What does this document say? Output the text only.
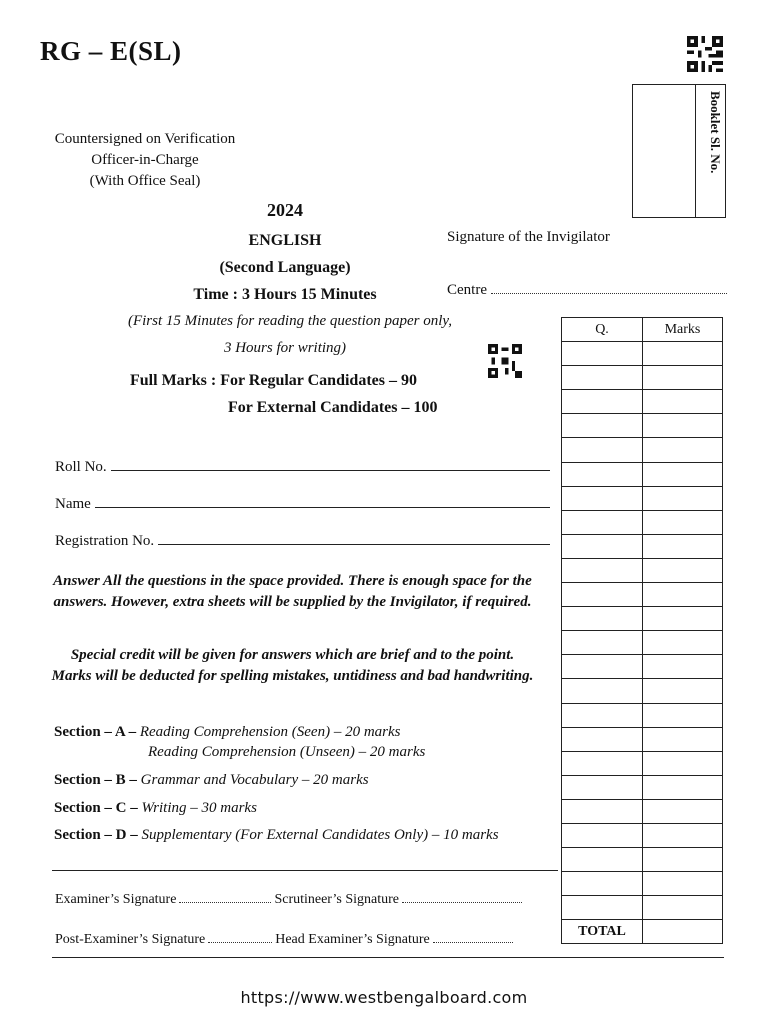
RG – E(SL)
Booklet Sl. No.
Countersigned on Verification
Officer-in-Charge
(With Office Seal)
2024
ENGLISH
(Second Language)
Time : 3 Hours 15 Minutes
(First 15 Minutes for reading the question paper only,
3 Hours for writing)
Full Marks : For Regular Candidates – 90
For External Candidates – 100
Signature of the Invigilator
Centre
Roll No.
Name
Registration No.
Answer All the questions in the space provided. There is enough space for the answers. However, extra sheets will be supplied by the Invigilator, if required.
Special credit will be given for answers which are brief and to the point. Marks will be deducted for spelling mistakes, untidiness and bad handwriting.
Section – A – Reading Comprehension (Seen) – 20 marks
Reading Comprehension (Unseen) – 20 marks
Section – B – Grammar and Vocabulary – 20 marks
Section – C – Writing – 30 marks
Section – D – Supplementary (For External Candidates Only) – 10 marks
Examiner’s Signature	Scrutineer’s Signature
Post-Examiner’s Signature	Head Examiner’s Signature
Q.	Marks

TOTAL	
https://www.westbengalboard.com
